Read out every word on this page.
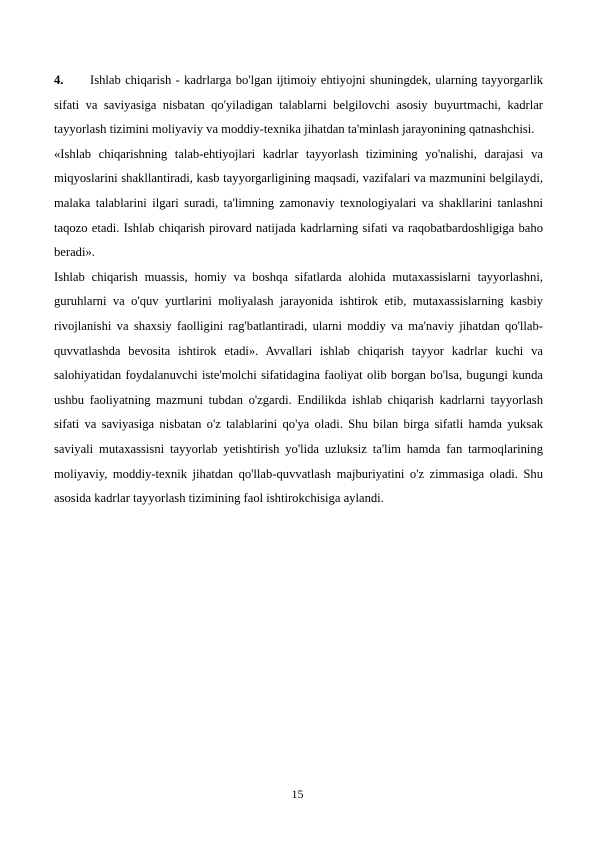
4. Ishlab chiqarish - kadrlarga bo'lgan ijtimoiy ehtiyojni shuningdek, ularning tayyorgarlik sifati va saviyasiga nisbatan qo'yiladigan talablarni belgilovchi asosiy buyurtmachi, kadrlar tayyorlash tizimini moliyaviy va moddiy-texnika jihatdan ta'minlash jarayonining qatnashchisi.

«Ishlab chiqarishning talab-ehtiyojlari kadrlar tayyorlash tizimining yo'nalishi, darajasi va miqyoslarini shakllantiradi, kasb tayyorgarligining maqsadi, vazifalari va mazmunini belgilaydi, malaka talablarini ilgari suradi, ta'limning zamonaviy texnologiyalari va shakllarini tanlashni taqozo etadi. Ishlab chiqarish pirovard natijada kadrlarning sifati va raqobatbardoshligiga baho beradi».

Ishlab chiqarish muassis, homiy va boshqa sifatlarda alohida mutaxassislarni tayyorlashni, guruhlarni va o'quv yurtlarini moliyalash jarayonida ishtirok etib, mutaxassislarning kasbiy rivojlanishi va shaxsiy faolligini rag'batlantiradi, ularni moddiy va ma'naviy jihatdan qo'llab-quvvatlashda bevosita ishtirok etadi». Avvallari ishlab chiqarish tayyor kadrlar kuchi va salohiyatidan foydalanuvchi iste'molchi sifatidagina faoliyat olib borgan bo'lsa, bugungi kunda ushbu faoliyatning mazmuni tubdan o'zgardi. Endilikda ishlab chiqarish kadrlarni tayyorlash sifati va saviyasiga nisbatan o'z talablarini qo'ya oladi. Shu bilan birga sifatli hamda yuksak saviyali mutaxassisni tayyorlab yetishtirish yo'lida uzluksiz ta'lim hamda fan tarmoqlarining moliyaviy, moddiy-texnik jihatdan qo'llab-quvvatlash majburiyatini o'z zimmasiga oladi. Shu asosida kadrlar tayyorlash tizimining faol ishtirokchisiga aylandi.

15
